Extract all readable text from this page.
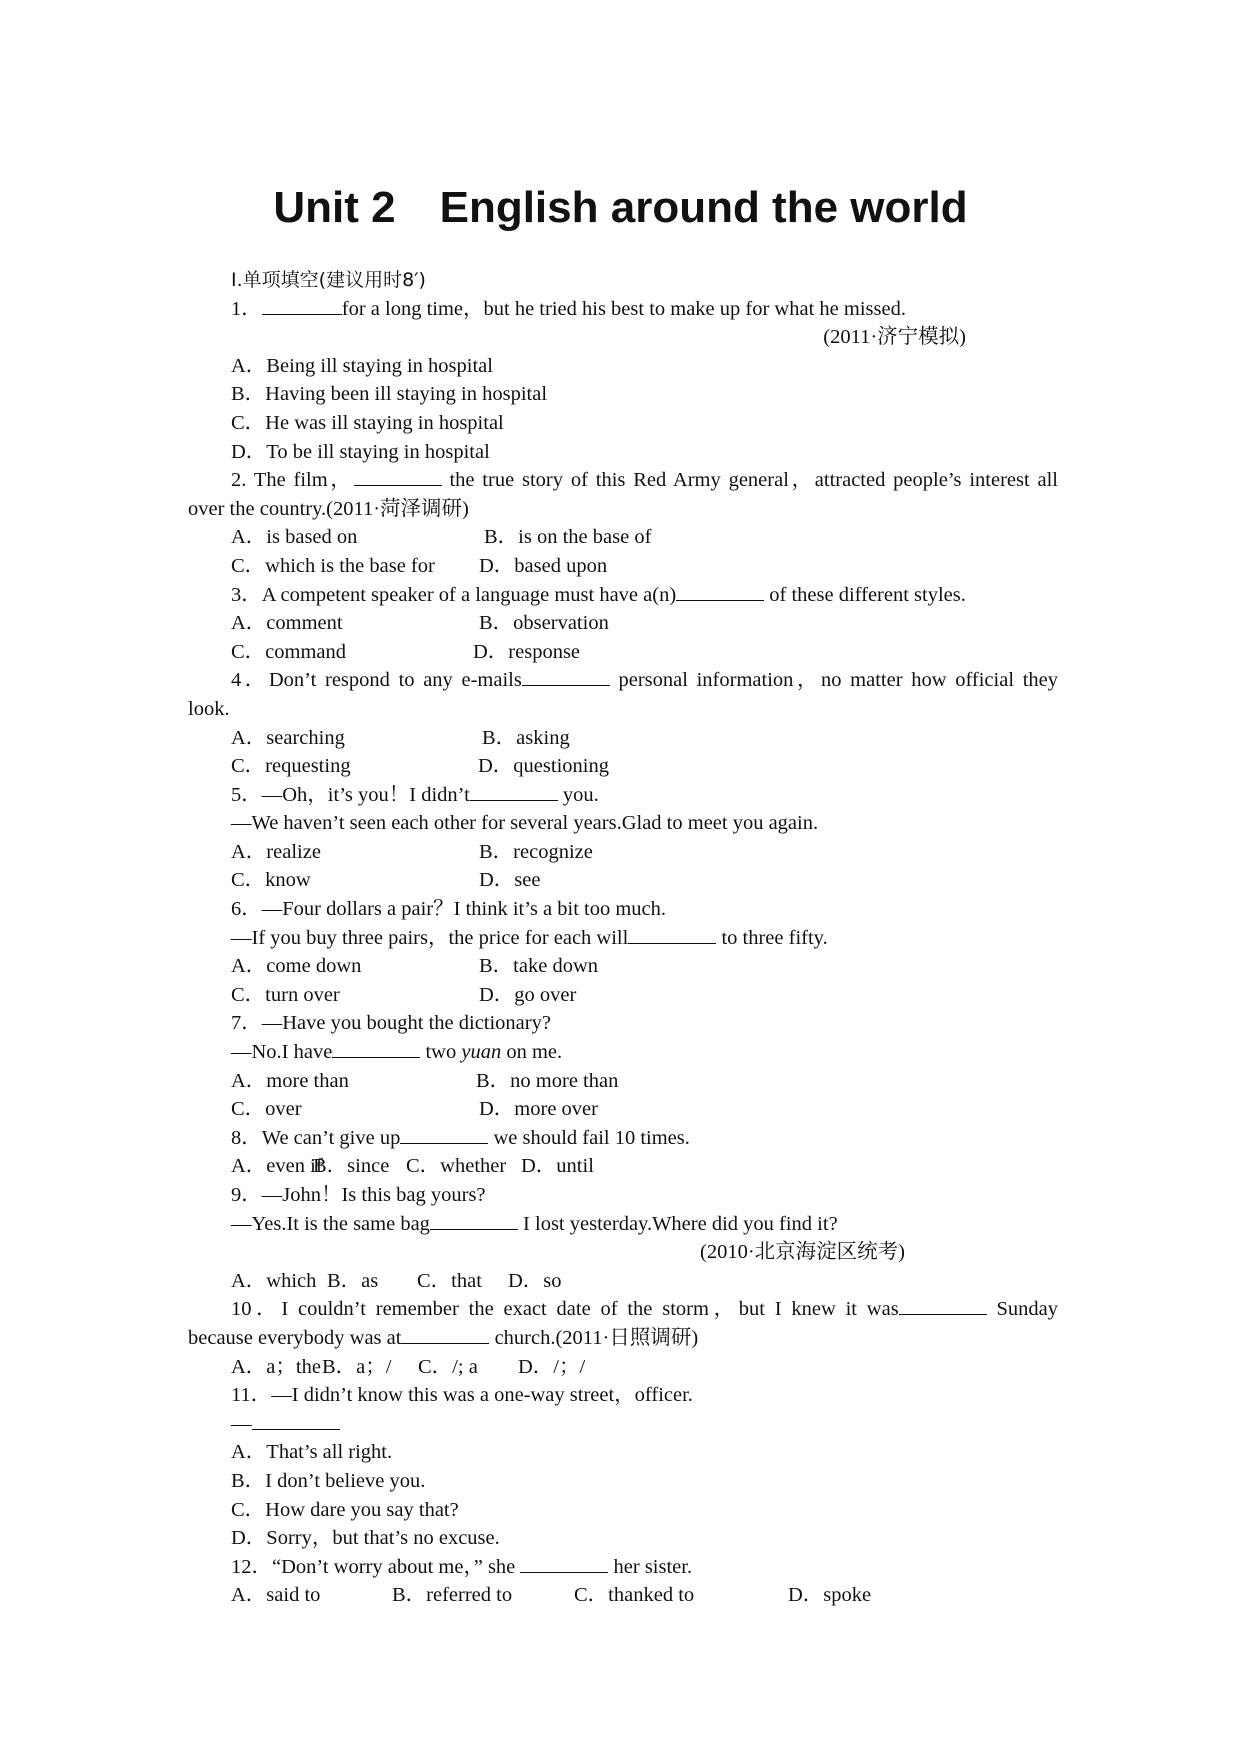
Unit 2　English around the world
Ⅰ.单项填空(建议用时8′)
1．	for a long time，but he tried his best to make up for what he missed.
(2011·济宁模拟)
A．Being ill staying in hospital
B．Having been ill staying in hospital
C．He was ill staying in hospital
D．To be ill staying in hospital
2. The film，	the true story of this Red Army general，attracted people’s interest all
over the country.(2011·菏泽调研)
A．is based on	B．is on the base of
C．which is the base for D．based upon
3．A competent speaker of a language must have a(n)	of these different styles.
A．comment	B．observation
C．command	D．response
4．Don’t respond to any e-mails	personal information，no matter how official they
look.
A．searching	B．asking
C．requesting	D．questioning
5．—Oh，it’s you！I didn’t	you.
—We haven’t seen each other for several years.Glad to meet you again.
A．realize	B．recognize
C．know	D．see
6．—Four dollars a pair？I think it’s a bit too much.
—If you buy three pairs，the price for each will	to three fifty.
A．come down	B．take down
C．turn over	D．go over
7．—Have you bought the dictionary?
—No.I have	two yuan on me.
A．more than	B．no more than
C．over	D．more over
8．We can’t give up	we should fail 10 times.
A．even if
B．since C．whether D．until
9．—John！Is this bag yours?
—Yes.It is the same bag	I lost yesterday.Where did you find it?
(2010·北京海淀区统考)
A．which B．as C．that D．so
10．I couldn’t remember the exact date of the storm，but I knew it was	Sunday
because everybody was at	church.(2011·日照调研)
A．a；the B．a；/ C．/; a D．/；/
11．—I didn’t know this was a one-way street，officer.
—
A．That’s all right.
B．I don’t believe you.
C．How dare you say that?
D．Sorry，but that’s no excuse.
12．“Don’t worry about me，” she	her sister.
A．said to	B．referred to	C．thanked to	D．spoke
